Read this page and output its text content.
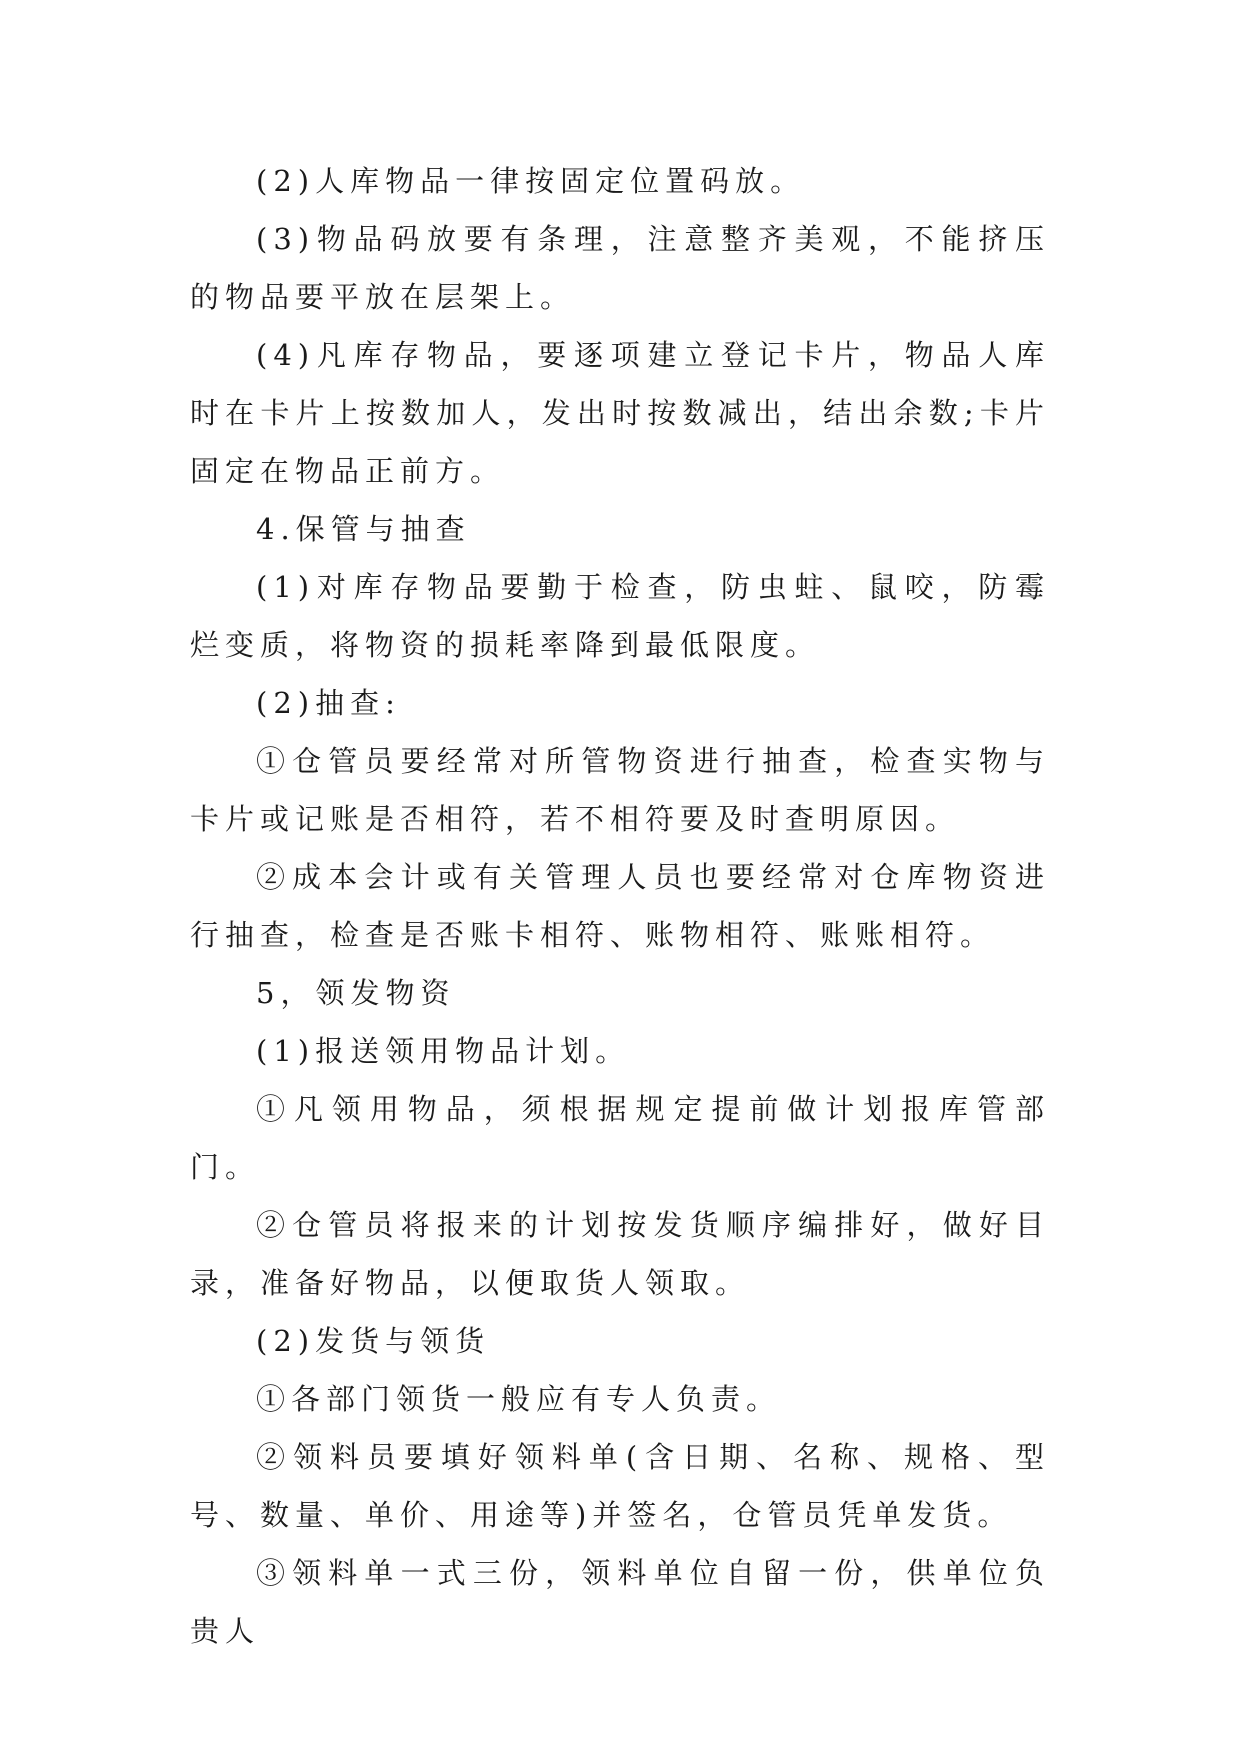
(2)人库物品一律按固定位置码放。

(3)物品码放要有条理，注意整齐美观，不能挤压的物品要平放在层架上。

(4)凡库存物品，要逐项建立登记卡片，物品人库时在卡片上按数加人，发出时按数减出，结出余数;卡片固定在物品正前方。

4.保管与抽查

(1)对库存物品要勤于检查，防虫蛀、鼠咬，防霉烂变质，将物资的损耗率降到最低限度。

(2)抽查:

①仓管员要经常对所管物资进行抽查，检查实物与卡片或记账是否相符，若不相符要及时查明原因。

②成本会计或有关管理人员也要经常对仓库物资进行抽查，检查是否账卡相符、账物相符、账账相符。

5，领发物资

(1)报送领用物品计划。

①凡领用物品，须根据规定提前做计划报库管部门。

②仓管员将报来的计划按发货顺序编排好，做好目录，准备好物品，以便取货人领取。

(2)发货与领货

①各部门领货一般应有专人负责。

②领料员要填好领料单(含日期、名称、规格、型号、数量、单价、用途等)并签名，仓管员凭单发货。

③领料单一式三份，领料单位自留一份，供单位负贵人
